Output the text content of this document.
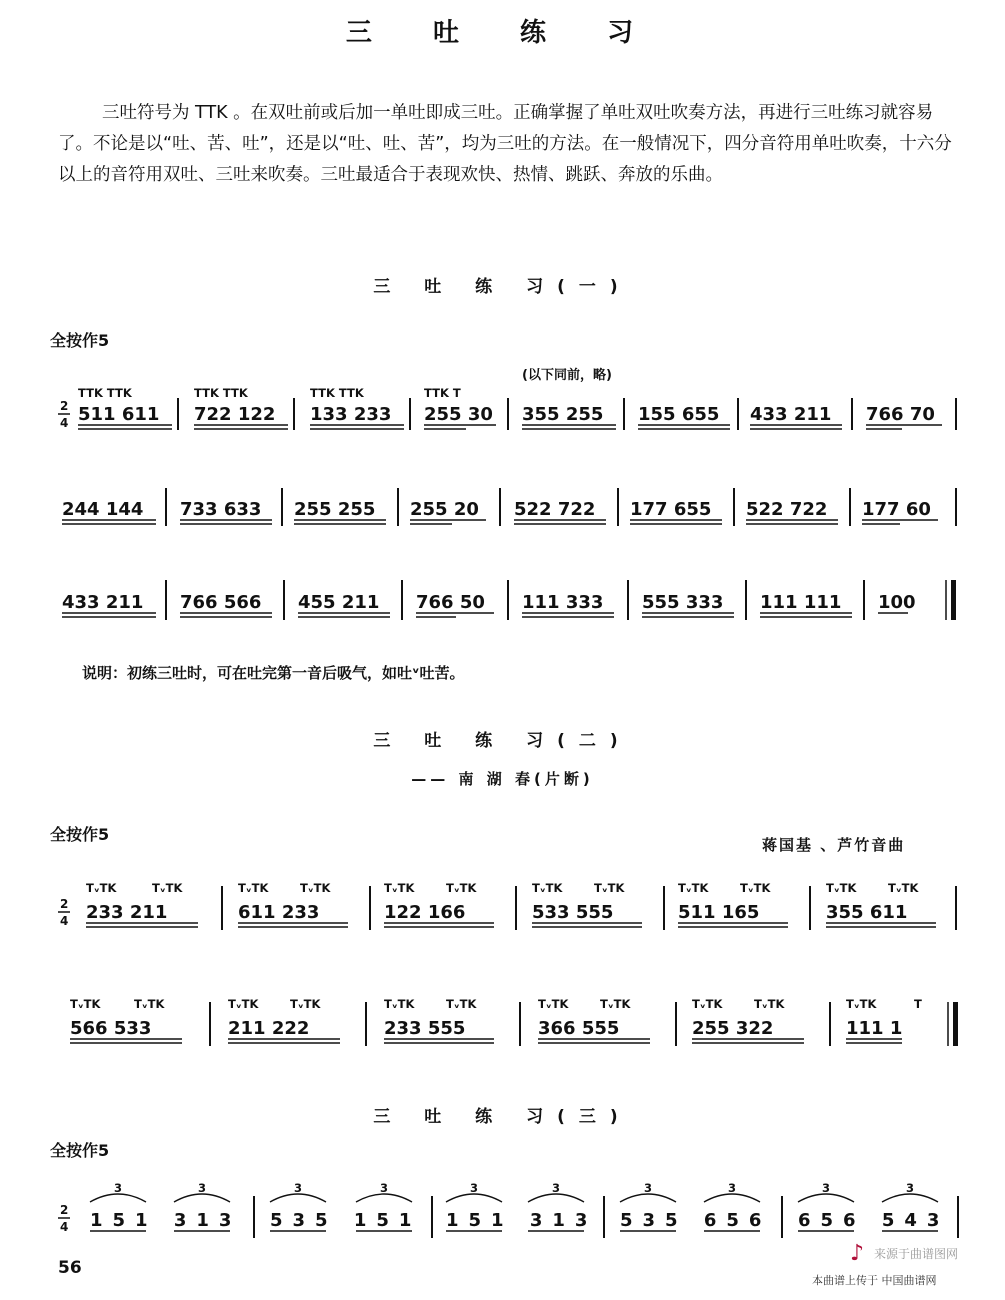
三 吐 练 习
三吐符号为 TTK 。在双吐前或后加一单吐即成三吐。正确掌握了单吐双吐吹奏方法，再进行三吐练习就容易了。不论是以“吐、苦、吐”，还是以“吐、吐、苦”，均为三吐的方法。在一般情况下，四分音符用单吐吹奏，十六分以上的音符用双吐、三吐来吹奏。三吐最适合于表现欢快、热情、跳跃、奔放的乐曲。
三 吐 练 习(一)
全按作5
(以下同前，略)
2
4
TTK TTK	TTK TTK	TTK TTK	TTK T
511 611 722 122 133 233 255 30 355 255 155 655 433 211 766 70
244 144 733 633 255 255 255 20 522 722 177 655 522 722 177 60
433 211 766 566 455 211 766 50 111 333 555 333 111 111 100
说明：初练三吐时，可在吐完第一音后吸气，如吐ᵛ吐苦。
三 吐 练 习(二)
—— 南 湖 春(片断)
全按作5
蒋国基 、芦竹音曲
2
4
TᵥTK	TᵥTK	TᵥTK	TᵥTK	TᵥTK	TᵥTK	TᵥTK	TᵥTK	TᵥTK	TᵥTK	TᵥTK	TᵥTK
233 211	611 233	122 166	533 555	511 165	355 611
TᵥTK	TᵥTK	TᵥTK	TᵥTK	TᵥTK	TᵥTK	TᵥTK	TᵥTK	TᵥTK	TᵥTK	TᵥTK	T
566 533	211 222	233 555	366 555	255 322	111 1
三 吐 练 习(三)
全按作5
2
4
3	3	3	3	3	3	3	3	3	3
151 313 535 151 151 313 535 656 656 543
56
♪ 来源于曲谱图网
本曲谱上传于 中国曲谱网
